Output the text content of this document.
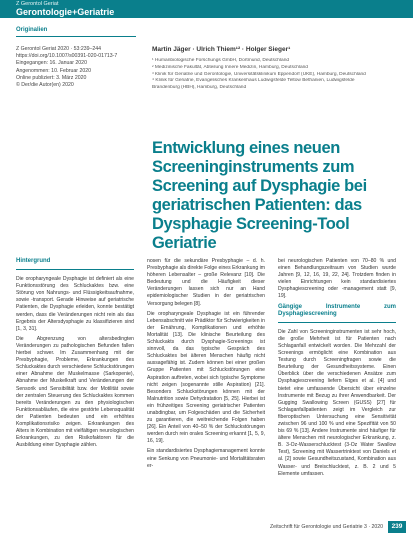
Z Gerontol Geriat
Gerontologie+Geriatrie
Originalien
Z Gerontol Geriat 2020 · 53:239–244
https://doi.org/10.1007/s00391-020-01713-7
Eingegangen: 16. Januar 2020
Angenommen: 10. Februar 2020
Online publiziert: 3. März 2020
© Der/die Autor(en) 2020
Martin Jäger · Ulrich Thiem¹² · Holger Sieger¹
¹ Humanbiologische Forschungs GmbH, Dortmund, Deutschland
² Medizinische Fakultät, Abteilung Innere Medizin, Hamburg, Deutschland
³ Klinik für Geriatrie und Gerontologie, Universitätsklinikum Eppendorf (UKE), Hamburg, Deutschland
⁴ Klinik für Geriatrie, Evangelisches Krankenhaus Ludwigsfelde Teltow Bethanien, Ludwigsfelde
Brandenburg (HBH), Hamburg, Deutschland
Entwicklung eines neuen Screeninginstruments zum Screening auf Dysphagie bei geriatrischen Patienten: das Dysphagie Screening-Tool Geriatrie
Hintergrund

Die oropharyngeale Dysphagie ist definiert als eine Funktionsstörung des Schluckaktes bzw. eine Störung von Nahrungs- und Flüssigkeitsaufnahme, sowie -transport. Gerade Hinweise auf geriatrische Patienten, die Dysphagie erleiden, konnte bestätigt werden, dass die Veränderungen nicht rein als das Ergebnis der Altersdysphagie zu klassifizieren sind [1, 3, 31].

Die Abgrenzung von altersbedingten Veränderungen zu pathologischen Befunden fallen hierbei schwer. Im Zusammenhang mit der Presbyphagie, Probleme, Erkrankungen des Schluckaktes durch verschiedene Schluckstörungen einer Abnahme der Muskelmasse (Sarkopenie), Abnahme der Muskelkraft und Veränderungen der Sensorik und Sensibilität bzw. der Motilität sowie der zentralen Steuerung des Schluckaktes kommen bereits Veränderungen zu den physiologischen Funktionsabläufen, die eine gestörte Lebensqualität der Patienten bedeuten und ein erhöhtes Komplikationsrisiko zeigen. Erkrankungen des Alters in Kombination mit vielfältigen neurologischen Erkrankungen, zu den Risikofaktoren für die Ausbildung einer Dysphagie zählen.

nosen für die sekundäre Presbyphagie – d. h. Presbyphagie als direkte Folge eines Erkrankung im höheren Lebensalter – große Relevanz [10]. Die Bedeutung und die Häufigkeit dieser Veränderungen lassen sich nur an Hand epidemiologischer Studien in der geriatrischen Versorgung belegen [8].

Die oropharyngeale Dysphagie ist ein führender Lebensabschnitt wie Prädiktor für Schwierigkeiten in der Ernährung, Komplikationen und erhöhte Mortalität [13]. Die klinische Beurteilung des Schluckakts durch Dysphagie-Screenings ist sinnvoll, da das typische Gespräch des Schluckaktes bei älteren Menschen häufig nicht aussagefähig ist. Zudem können bei einer großen Gruppe Patienten mit Schluckstörungen eine Aspiration auftreten, wobei sich typische Symptome nicht zeigen (sogenannte stille Aspiration) [21]. Besonders Schluckstörungen können mit der Malnutrition sowie Dehydratation [5, 25]. Hierbei ist ein frühzeitiges Screening geriatrischer Patienten unabdingbar, um Folgeschäden und die Sicherheit zu garantieren, die weitreichende Folgen haben [26]. Ein Anteil von 40–50 % der Schluckstörungen werden durch rein orales Screening erkannt [1, 5, 9, 16, 19].

Ein standardisiertes Dysphagiemanagement konnte eine Senkung von Pneumonie- und Mortalitätsraten er-

bei neurologischen Patienten von 70–80 % und einen Behandlungszeitraum von Studien wurde Jahren [9, 12, 16, 19, 22, 24]. Trotzdem finden in vielen Einrichtungen kein standardisiertes Dysphagiescreening oder -management statt [9, 19].

Gängige Instrumente zum Dysphagiescreening

Die Zahl von Screeninginstrumenten ist sehr hoch, die große Mehrheit ist für Patienten nach Schlaganfall entwickelt worden. Die Mehrzahl der Screenings ermöglicht eine Kombination aus Testung durch Screeningfragen sowie die Beurteilung der Gesundheitssysteme. Einen Überblick über die verschiedenen Ansätze zum Dysphagiescreening liefern Etges et al. [4] und bietet eine umfassende Übersicht über einzelne Instrumente mit Bezug zu ihrer Anwendbarkeit. Der Gugging Swallowing Screen (GUSS) [27] für Schlaganfallpatienten zeigt im Vergleich zur fiberoptischen Untersuchung eine Sensitivität zwischen 96 und 100 % und eine Spezifität von 50 bis 69 % [13]. Andere Instrumente sind häufiger für ältere Menschen mit neurologischer Erkrankung, z. B. 3-Oz-Wasserschlucktest (3-Oz Water Swallow Test), Screening mit Wassertrinktest von Daniels et al. [2] sowie Gesundheitszustand, Kombination aus Wasser- und Breischlucktest, z. B. 2 und 5 Elemente umfassen.

Zeitschrift für Gerontologie und Geriatrie 3 · 2020	239
